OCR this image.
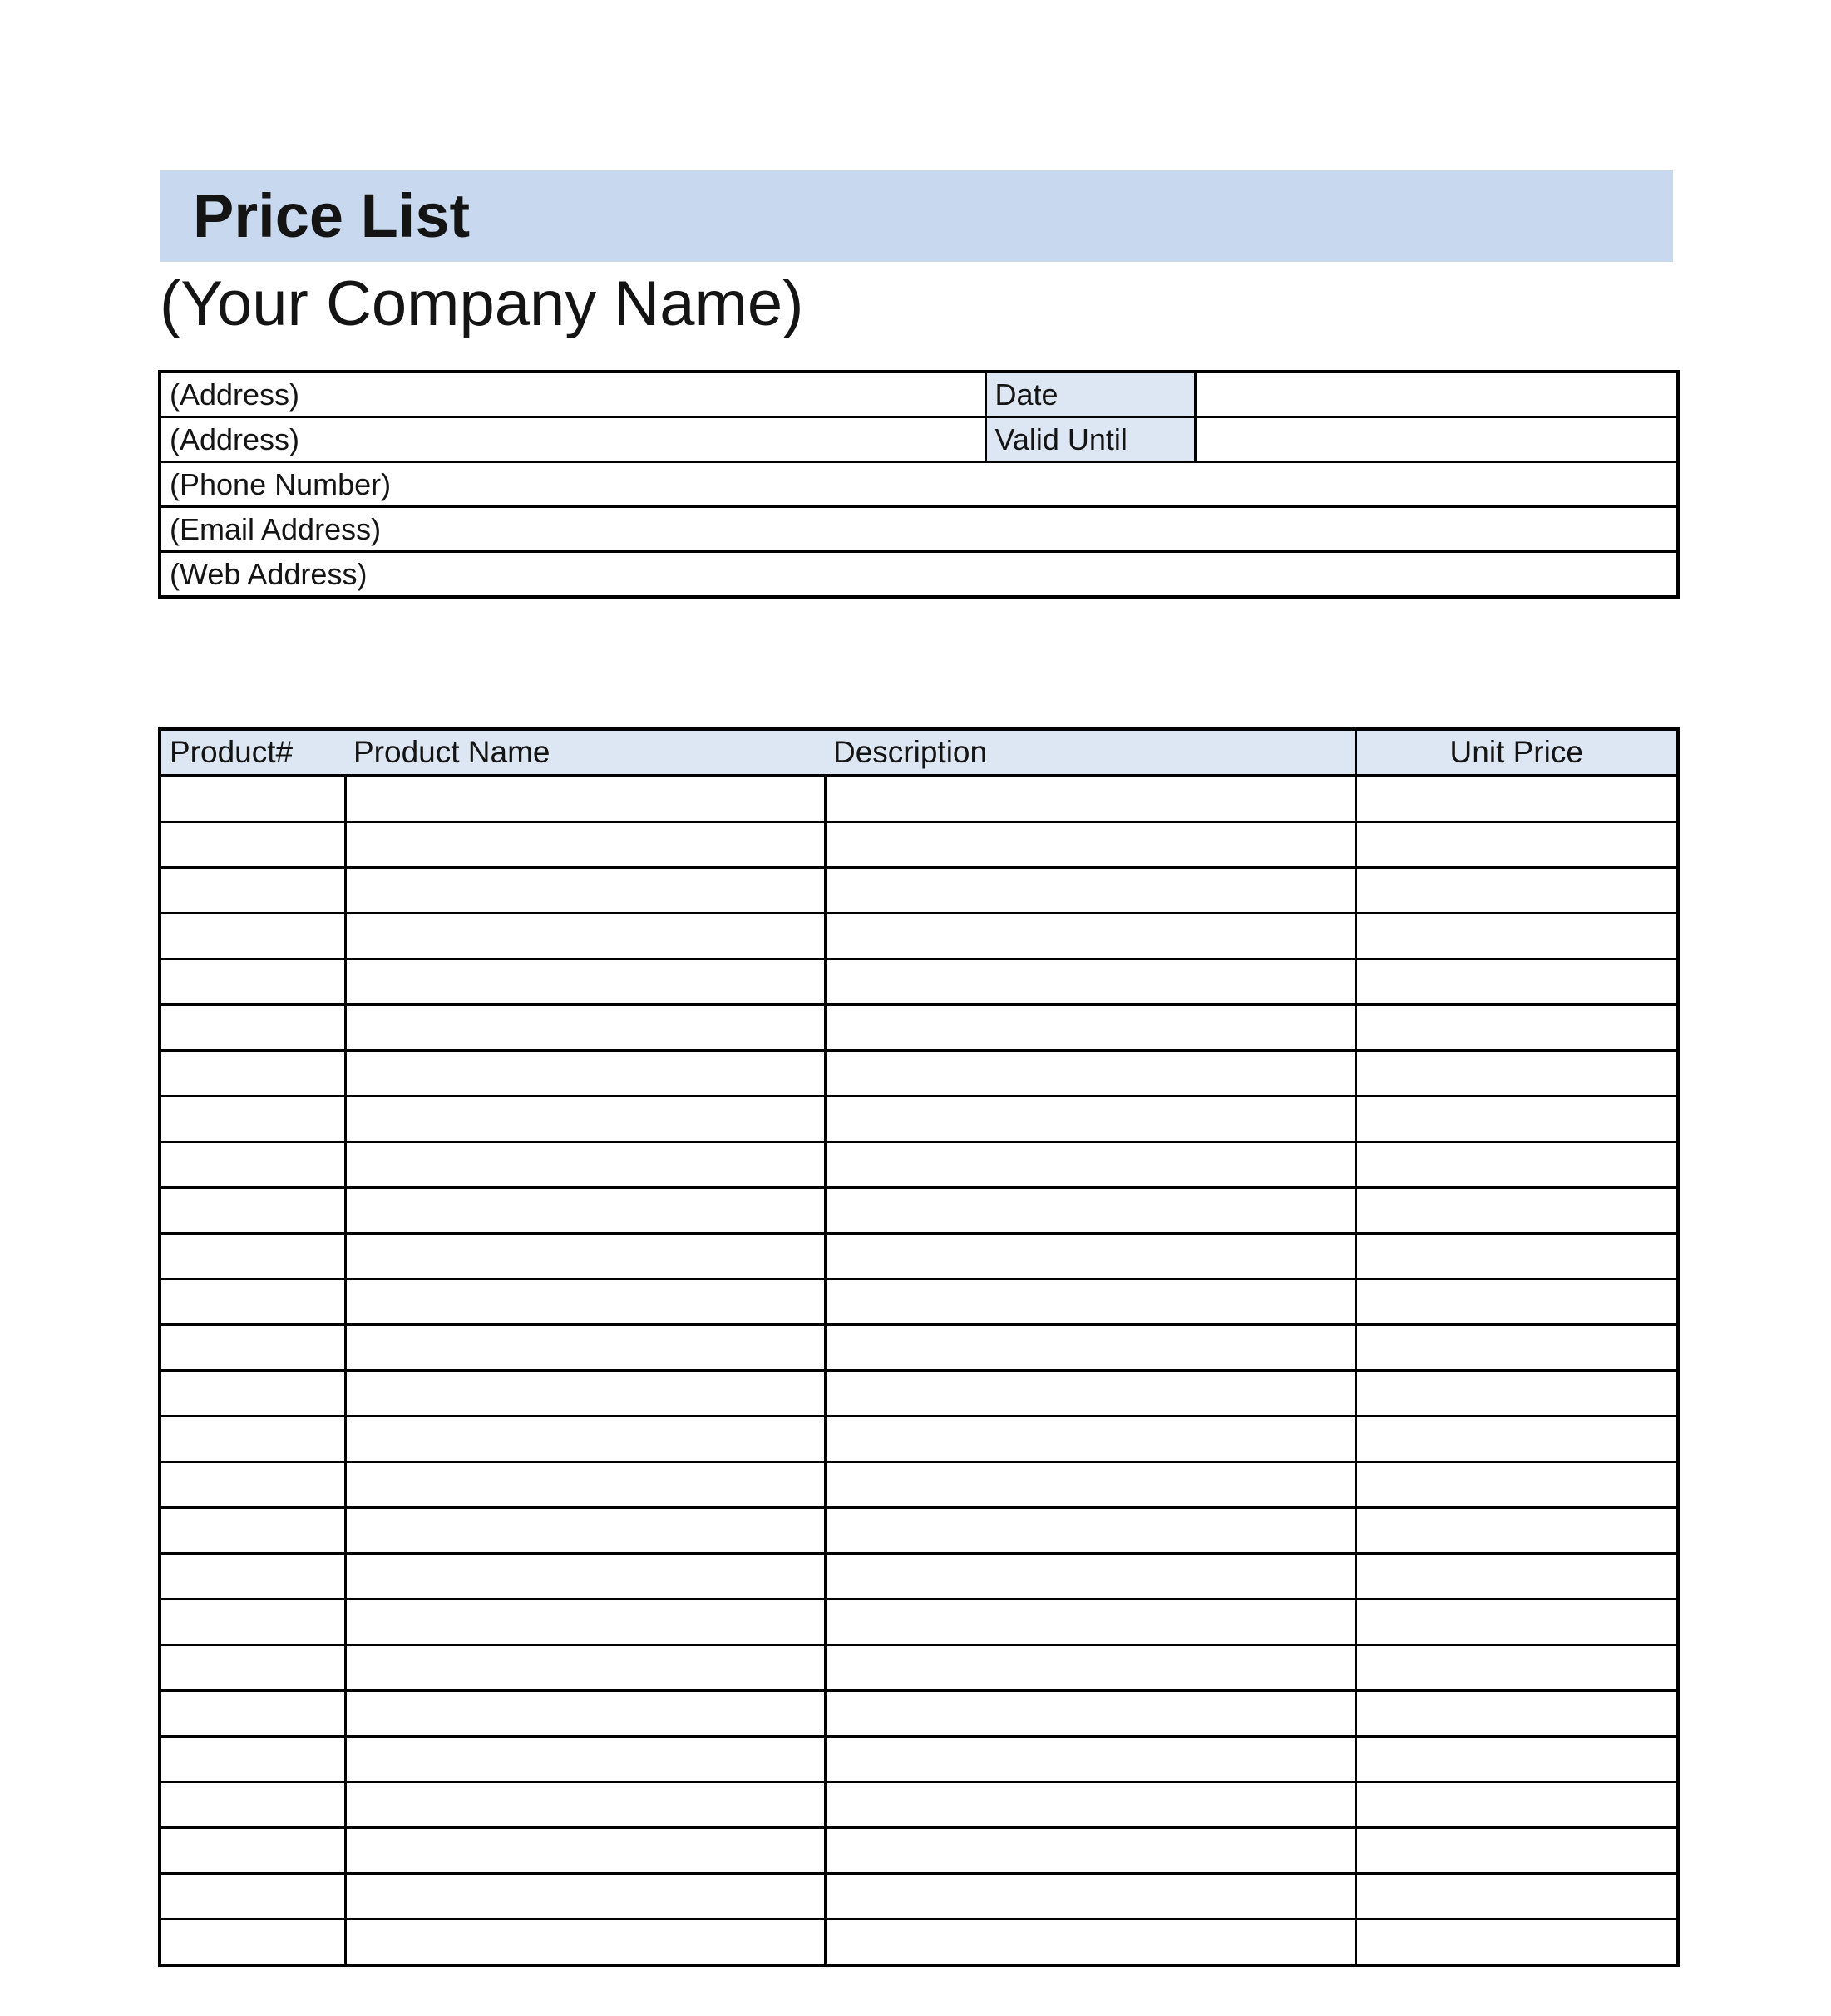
Price List
(Your Company Name)
(Address)	Date	
(Address)	Valid Until	
(Phone Number)		
(Email Address)		
(Web Address)		
Product#	Product Name	Description	Unit Price
